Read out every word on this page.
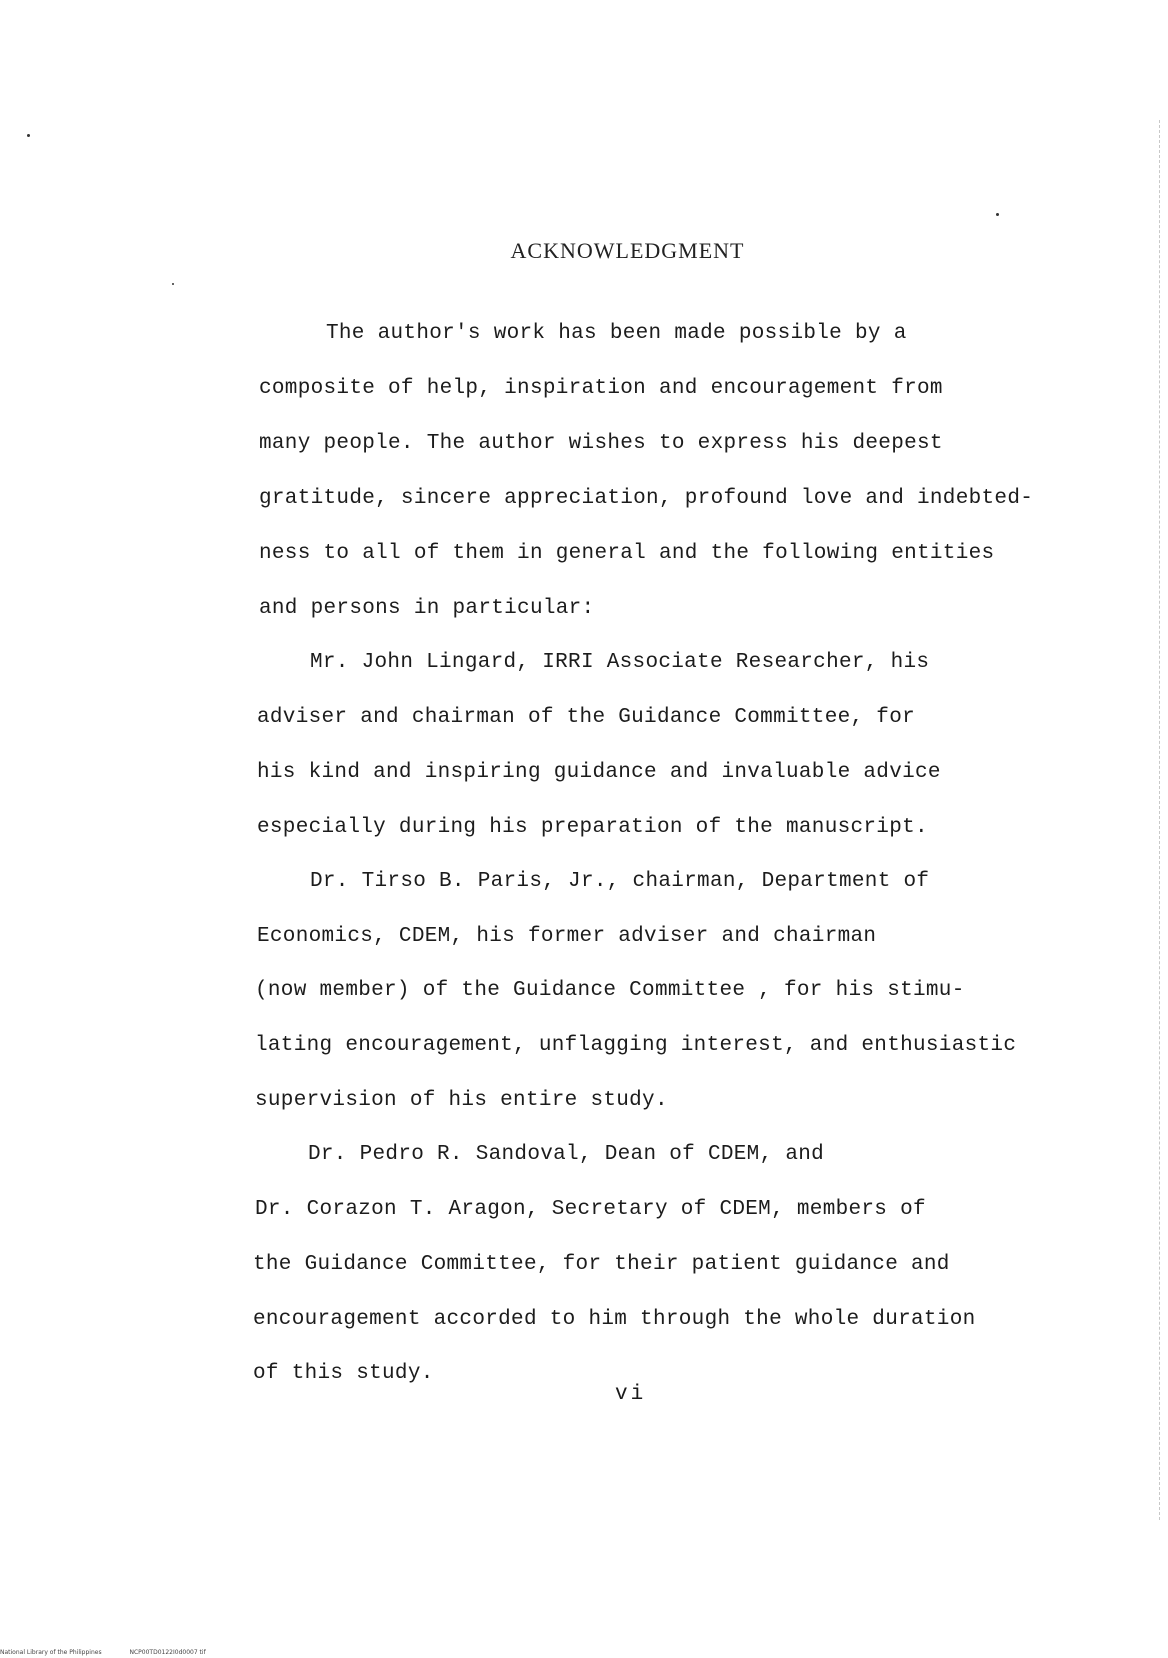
ACKNOWLEDGMENT
The author's work has been made possible by a
composite of help, inspiration and encouragement from
many people. The author wishes to express his deepest
gratitude, sincere appreciation, profound love and indebted-
ness to all of them in general and the following entities
and persons in particular:
Mr. John Lingard, IRRI Associate Researcher, his
adviser and chairman of the Guidance Committee, for
his kind and inspiring guidance and invaluable advice
especially during his preparation of the manuscript.
Dr. Tirso B. Paris, Jr., chairman, Department of
Economics, CDEM, his former adviser and chairman
(now member) of the Guidance Committee , for his stimu-
lating encouragement, unflagging interest, and enthusiastic
supervision of his entire study.
Dr. Pedro R. Sandoval, Dean of CDEM, and
Dr. Corazon T. Aragon, Secretary of CDEM, members of
the Guidance Committee, for their patient guidance and
encouragement accorded to him through the whole duration
of this study.
vi
National Library of the Philippines	NCP00TD0122I0d0007 tif
